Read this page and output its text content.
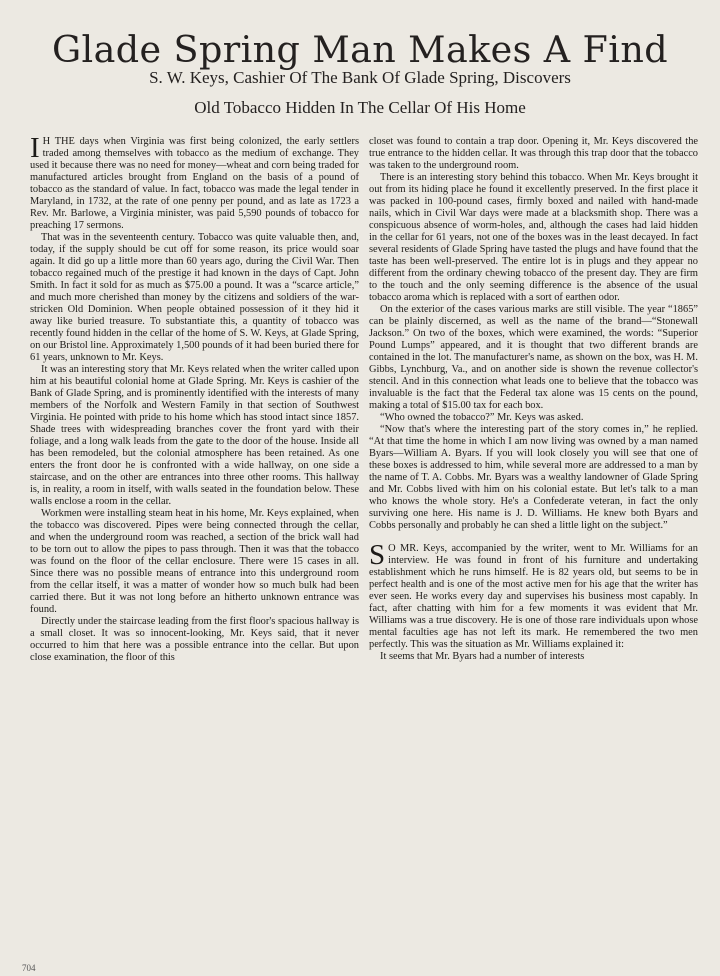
Glade Spring Man Makes A Find
S. W. Keys, Cashier Of The Bank Of Glade Spring, Discovers
Old Tobacco Hidden In The Cellar Of His Home

I H THE days when Virginia was first being colonized, the early settlers traded among themselves with tobacco as the medium of exchange. They used it because there was no need for money—wheat and corn being traded for manufactured articles brought from England on the basis of a pound of tobacco as the standard of value. In fact, tobacco was made the legal tender in Maryland, in 1732, at the rate of one penny per pound, and as late as 1723 a Rev. Mr. Barlowe, a Virginia minister, was paid 5,590 pounds of tobacco for preaching 17 sermons.

That was in the seventeenth century. Tobacco was quite valuable then, and, today, if the supply should be cut off for some reason, its price would soar again. It did go up a little more than 60 years ago, during the Civil War. Then tobacco regained much of the prestige it had known in the days of Capt. John Smith. In fact it sold for as much as $75.00 a pound. It was a “scarce article,” and much more cherished than money by the citizens and soldiers of the war-stricken Old Dominion. When people obtained possession of it they hid it away like buried treasure. To substantiate this, a quantity of tobacco was recently found hidden in the cellar of the home of S. W. Keys, at Glade Spring, on our Bristol line. Approximately 1,500 pounds of it had been buried there for 61 years, unknown to Mr. Keys.

It was an interesting story that Mr. Keys related when the writer called upon him at his beautiful colonial home at Glade Spring. Mr. Keys is cashier of the Bank of Glade Spring, and is prominently identified with the interests of many members of the Norfolk and Western Family in that section of Southwest Virginia. He pointed with pride to his home which has stood intact since 1857. Shade trees with widespreading branches cover the front yard with their foliage, and a long walk leads from the gate to the door of the house. Inside all has been remodeled, but the colonial atmosphere has been retained. As one enters the front door he is confronted with a wide hallway, on one side a staircase, and on the other are entrances into three other rooms. This hallway is, in reality, a room in itself, with walls seated in the foundation below. These walls enclose a room in the cellar.

Workmen were installing steam heat in his home, Mr. Keys explained, when the tobacco was discovered. Pipes were being connected through the cellar, and when the underground room was reached, a section of the brick wall had to be torn out to allow the pipes to pass through. Then it was that the tobacco was found on the floor of the cellar enclosure. There were 15 cases in all. Since there was no possible means of entrance into this underground room from the cellar itself, it was a matter of wonder how so much bulk had been carried there. But it was not long before an hitherto unknown entrance was found.

Directly under the staircase leading from the first floor's spacious hallway is a small closet. It was so innocent-looking, Mr. Keys said, that it never occurred to him that here was a possible entrance into the cellar. But upon close examination, the floor of this

closet was found to contain a trap door. Opening it, Mr. Keys discovered the true entrance to the hidden cellar. It was through this trap door that the tobacco was taken to the underground room.

There is an interesting story behind this tobacco. When Mr. Keys brought it out from its hiding place he found it excellently preserved. In the first place it was packed in 100-pound cases, firmly boxed and nailed with hand-made nails, which in Civil War days were made at a blacksmith shop. There was a conspicuous absence of worm-holes, and, although the cases had laid hidden in the cellar for 61 years, not one of the boxes was in the least decayed. In fact several residents of Glade Spring have tasted the plugs and have found that the taste has been well-preserved. The entire lot is in plugs and they appear no different from the ordinary chewing tobacco of the present day. They are firm to the touch and the only seeming difference is the absence of the usual tobacco aroma which is replaced with a sort of earthen odor.

On the exterior of the cases various marks are still visible. The year “1865” can be plainly discerned, as well as the name of the brand—“Stonewall Jackson.” On two of the boxes, which were examined, the words: “Superior Pound Lumps” appeared, and it is thought that two different brands are contained in the lot. The manufacturer's name, as shown on the box, was H. M. Gibbs, Lynchburg, Va., and on another side is shown the revenue collector's stencil. And in this connection what leads one to believe that the tobacco was invaluable is the fact that the Federal tax alone was 15 cents on the pound, making a total of $15.00 tax for each box.

“Who owned the tobacco?” Mr. Keys was asked.

“Now that's where the interesting part of the story comes in,” he replied. “At that time the home in which I am now living was owned by a man named Byars—William A. Byars. If you will look closely you will see that one of these boxes is addressed to him, while several more are addressed to a man by the name of T. A. Cobbs. Mr. Byars was a wealthy landowner of Glade Spring and Mr. Cobbs lived with him on his colonial estate. But let's talk to a man who knows the whole story. He's a Confederate veteran, in fact the only surviving one here. His name is J. D. Williams. He knew both Byars and Cobbs personally and probably he can shed a little light on the subject.”

S O MR. Keys, accompanied by the writer, went to Mr. Williams for an interview. He was found in front of his furniture and undertaking establishment which he runs himself. He is 82 years old, but seems to be in perfect health and is one of the most active men for his age that the writer has ever seen. He works every day and supervises his business most capably. In fact, after chatting with him for a few moments it was evident that Mr. Williams was a true discovery. He is one of those rare individuals upon whose mental faculties age has not left its mark. He remembered the two men perfectly. This was the situation as Mr. Williams explained it:

It seems that Mr. Byars had a number of interests

704
